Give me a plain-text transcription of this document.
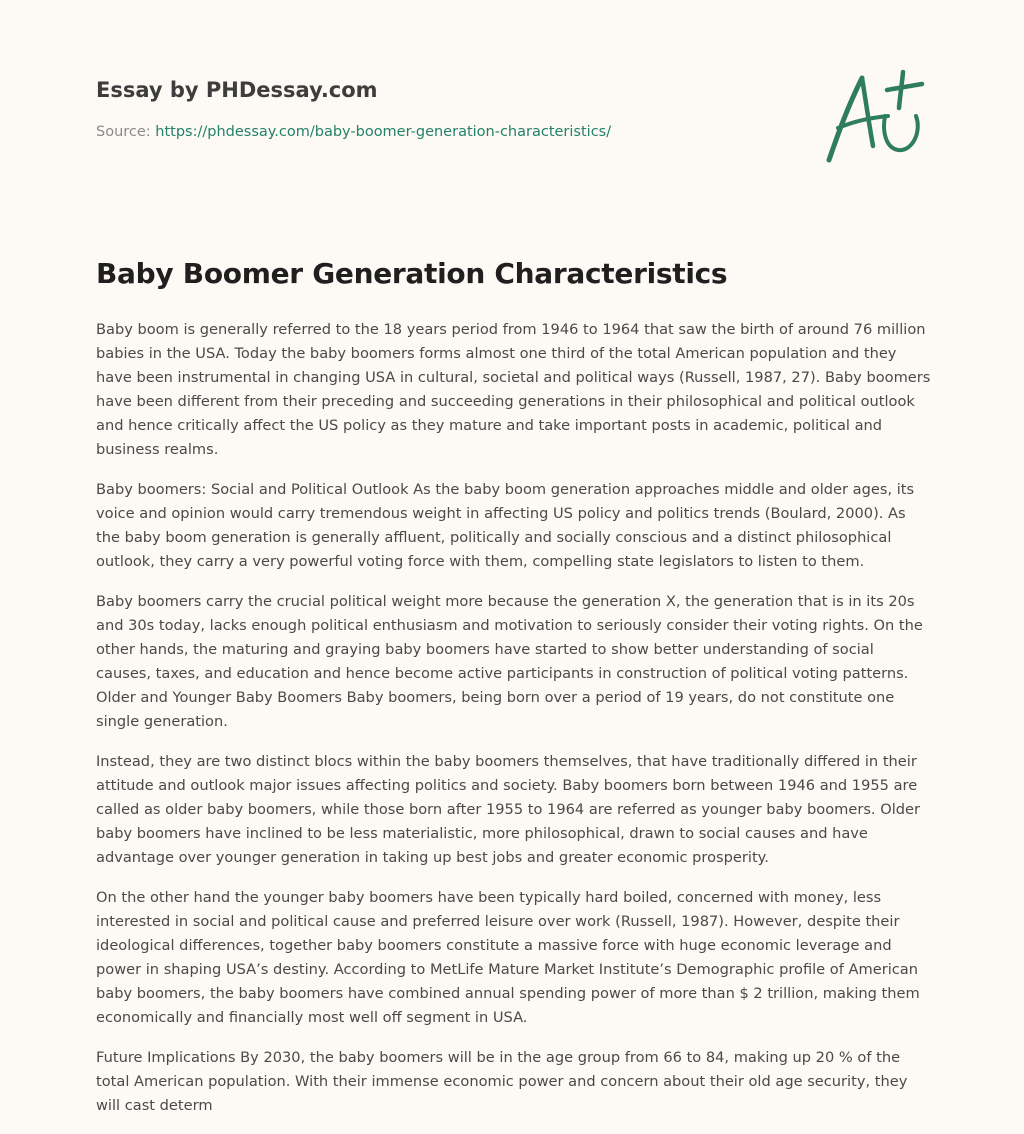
Essay by PHDessay.com
Source: https://phdessay.com/baby-boomer-generation-characteristics/
Baby Boomer Generation Characteristics

Baby boom is generally referred to the 18 years period from 1946 to 1964 that saw the birth of around 76 million babies in the USA. Today the baby boomers forms almost one third of the total American population and they have been instrumental in changing USA in cultural, societal and political ways (Russell, 1987, 27). Baby boomers have been different from their preceding and succeeding generations in their philosophical and political outlook and hence critically affect the US policy as they mature and take important posts in academic, political and business realms.

Baby boomers: Social and Political Outlook As the baby boom generation approaches middle and older ages, its voice and opinion would carry tremendous weight in affecting US policy and politics trends (Boulard, 2000). As the baby boom generation is generally affluent, politically and socially conscious and a distinct philosophical outlook, they carry a very powerful voting force with them, compelling state legislators to listen to them.

Baby boomers carry the crucial political weight more because the generation X, the generation that is in its 20s and 30s today, lacks enough political enthusiasm and motivation to seriously consider their voting rights. On the other hands, the maturing and graying baby boomers have started to show better understanding of social causes, taxes, and education and hence become active participants in construction of political voting patterns. Older and Younger Baby Boomers Baby boomers, being born over a period of 19 years, do not constitute one single generation.

Instead, they are two distinct blocs within the baby boomers themselves, that have traditionally differed in their attitude and outlook major issues affecting politics and society. Baby boomers born between 1946 and 1955 are called as older baby boomers, while those born after 1955 to 1964 are referred as younger baby boomers. Older baby boomers have inclined to be less materialistic, more philosophical, drawn to social causes and have advantage over younger generation in taking up best jobs and greater economic prosperity.

On the other hand the younger baby boomers have been typically hard boiled, concerned with money, less interested in social and political cause and preferred leisure over work (Russell, 1987). However, despite their ideological differences, together baby boomers constitute a massive force with huge economic leverage and power in shaping USA’s destiny. According to MetLife Mature Market Institute’s Demographic profile of American baby boomers, the baby boomers have combined annual spending power of more than $ 2 trillion, making them economically and financially most well off segment in USA.

Future Implications By 2030, the baby boomers will be in the age group from 66 to 84, making up 20 % of the total American population. With their immense economic power and concern about their old age security, they will cast determ
